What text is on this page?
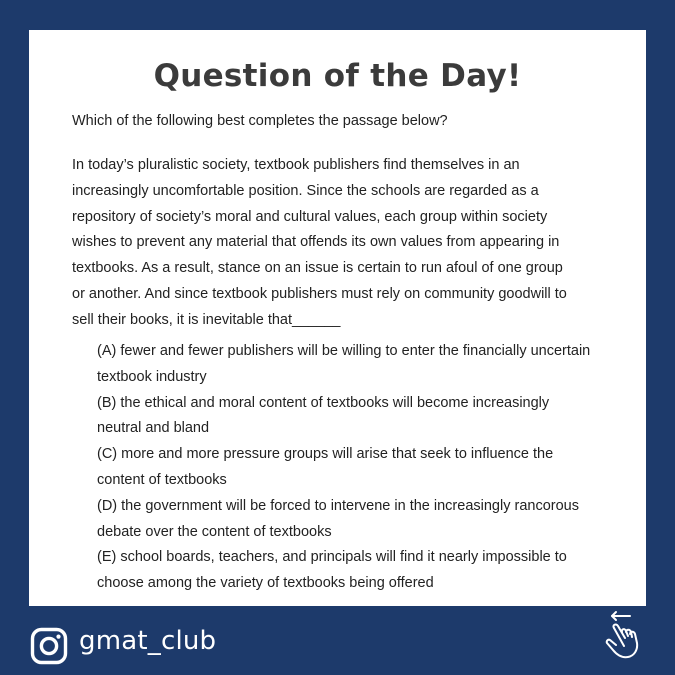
Question of the Day!

Which of the following best completes the passage below?

In today’s pluralistic society, textbook publishers find themselves in an
increasingly uncomfortable position. Since the schools are regarded as a
repository of society’s moral and cultural values, each group within society
wishes to prevent any material that offends its own values from appearing in
textbooks. As a result, stance on an issue is certain to run afoul of one group
or another. And since textbook publishers must rely on community goodwill to
sell their books, it is inevitable that______

(A) fewer and fewer publishers will be willing to enter the financially uncertain
textbook industry
(B) the ethical and moral content of textbooks will become increasingly
neutral and bland
(C) more and more pressure groups will arise that seek to influence the
content of textbooks
(D) the government will be forced to intervene in the increasingly rancorous
debate over the content of textbooks
(E) school boards, teachers, and principals will find it nearly impossible to
choose among the variety of textbooks being offered
gmat_club
